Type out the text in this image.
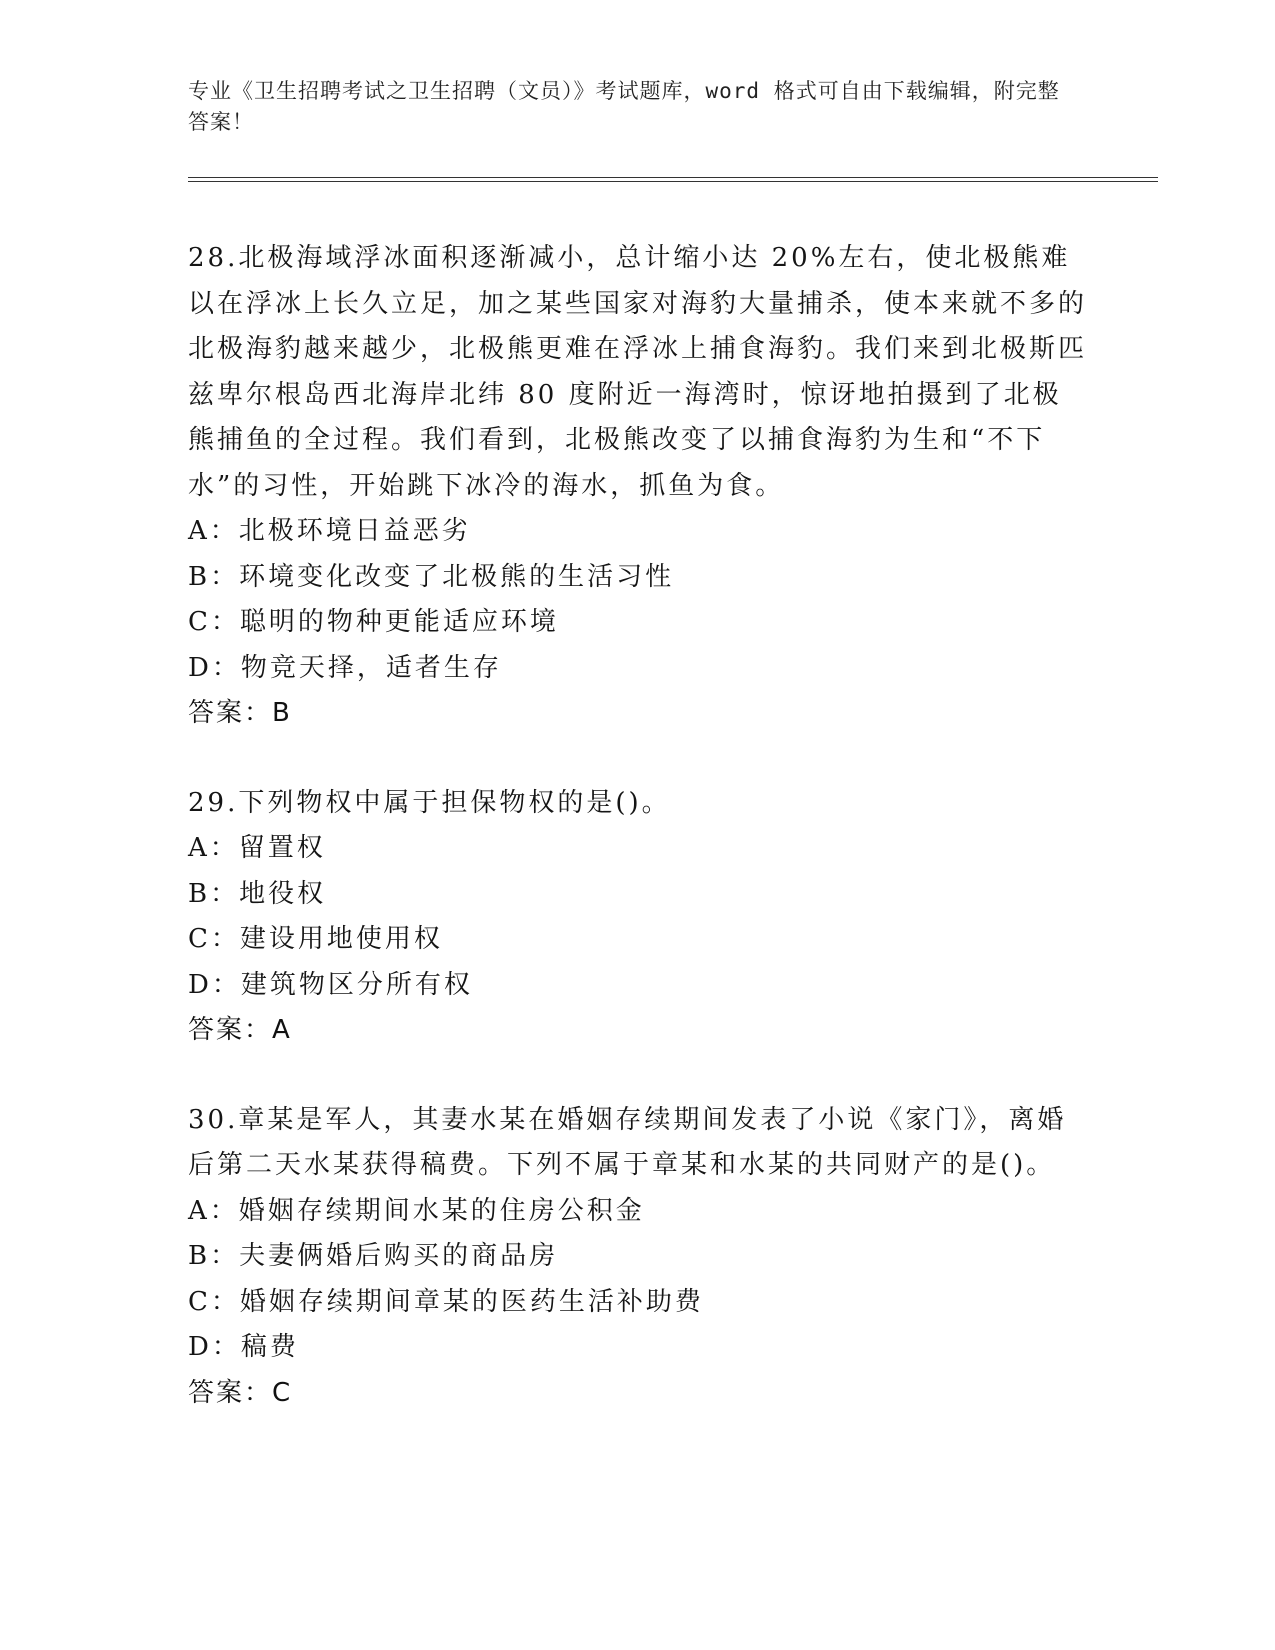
专业《卫生招聘考试之卫生招聘（文员）》考试题库，word 格式可自由下载编辑，附完整答案！
28.北极海域浮冰面积逐渐减小，总计缩小达 20%左右，使北极熊难以在浮冰上长久立足，加之某些国家对海豹大量捕杀，使本来就不多的北极海豹越来越少，北极熊更难在浮冰上捕食海豹。我们来到北极斯匹兹卑尔根岛西北海岸北纬 80 度附近一海湾时，惊讶地拍摄到了北极熊捕鱼的全过程。我们看到，北极熊改变了以捕食海豹为生和“不下水”的习性，开始跳下冰冷的海水，抓鱼为食。
A：北极环境日益恶劣
B：环境变化改变了北极熊的生活习性
C：聪明的物种更能适应环境
D：物竞天择，适者生存
答案：B
29.下列物权中属于担保物权的是()。
A：留置权
B：地役权
C：建设用地使用权
D：建筑物区分所有权
答案：A
30.章某是军人，其妻水某在婚姻存续期间发表了小说《家门》，离婚后第二天水某获得稿费。下列不属于章某和水某的共同财产的是()。
A：婚姻存续期间水某的住房公积金
B：夫妻俩婚后购买的商品房
C：婚姻存续期间章某的医药生活补助费
D：稿费
答案：C
